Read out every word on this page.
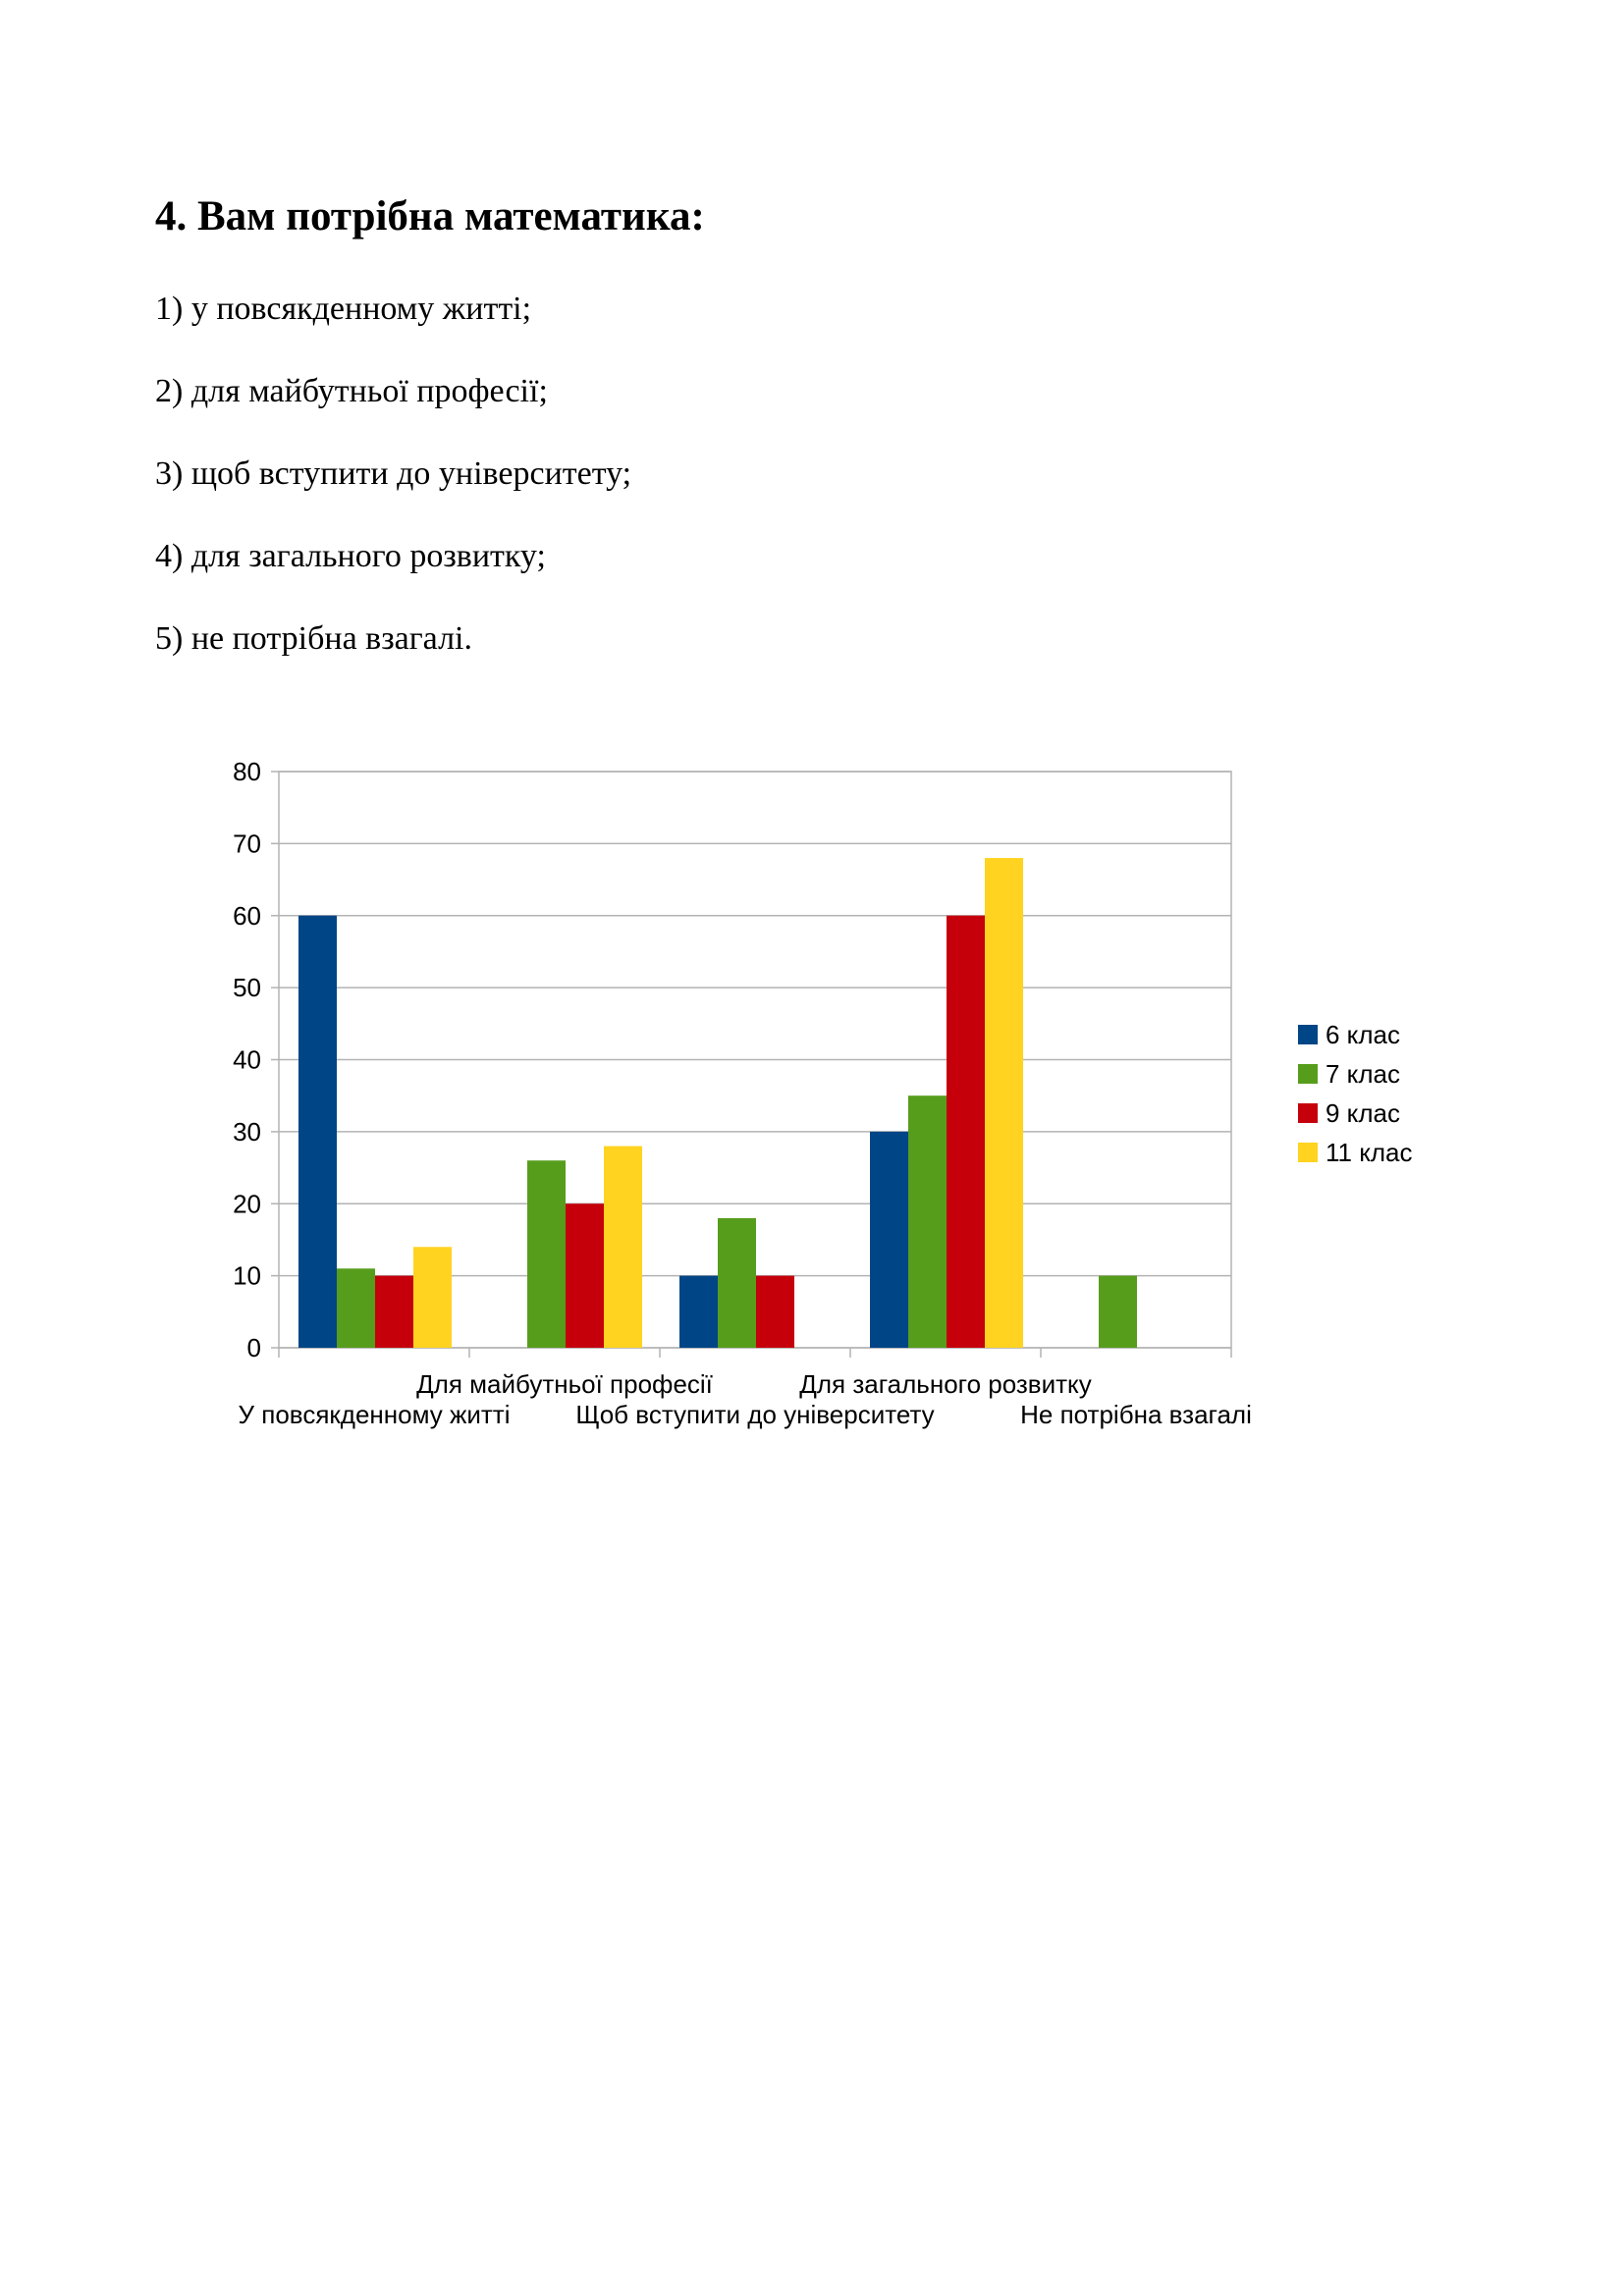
4. Вам потрібна математика:
1) у повсякденному житті;
2) для майбутньої професії;
3) щоб вступити до університету;
4) для загального розвитку;
5) не потрібна взагалі.
0
10
20
30
40
50
60
70
80
У повсякденному житті
Для майбутньої професії
Щоб вступити до університету
Для загального розвитку
Не потрібна взагалі
6 клас
7 клас
9 клас
11 клас
